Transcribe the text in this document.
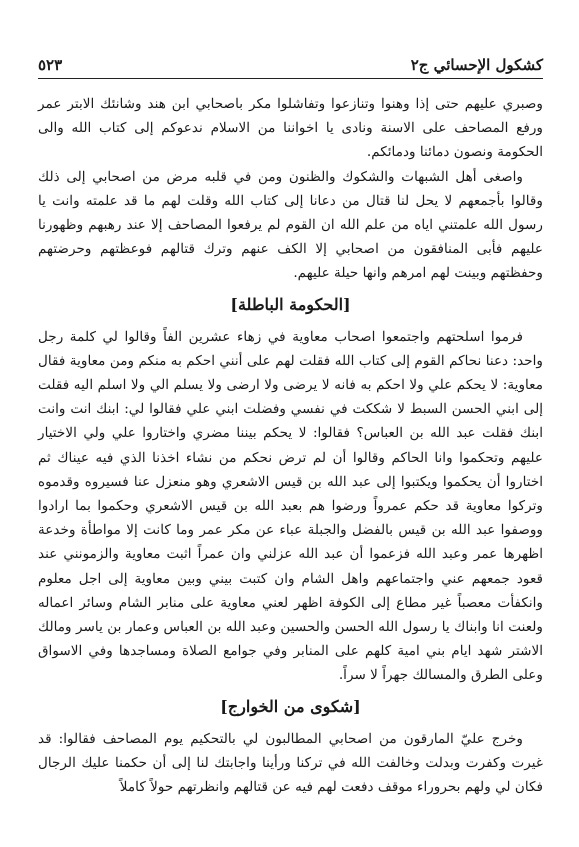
٥٢٣	كشكول الإحسائي ج٢

وصبري عليهم حتى إذا وهنوا وتنازعوا وتفاشلوا مكر باصحابي ابن هند وشانئك الابتر عمر ورفع المصاحف على الاسنة ونادى يا اخواننا من الاسلام ندعوكم إلى كتاب الله والى الحكومة ونصون دمائنا ودمائكم.

واصغى أهل الشبهات والشكوك والظنون ومن في قلبه مرض من اصحابي إلى ذلك وقالوا بأجمعهم لا يحل لنا قتال من دعانا إلى كتاب الله وقلت لهم ما قد علمته وانت يا رسول الله علمتني اياه من علم الله ان القوم لم يرفعوا المصاحف إلا عند رهبهم وظهورنا عليهم فأبى المنافقون من اصحابي إلا الكف عنهم وترك قتالهم فوعظتهم وحرضتهم وحفظتهم وبينت لهم امرهم وانها حيلة عليهم.

[الحكومة الباطلة]

فرموا اسلحتهم واجتمعوا اصحاب معاوية في زهاء عشرين الفاً وقالوا لي كلمة رجل واحد: دعنا نحاكم القوم إلى كتاب الله فقلت لهم على أنني احكم به منكم ومن معاوية فقال معاوية: لا يحكم علي ولا احكم به فانه لا يرضى ولا ارضى ولا يسلم الي ولا اسلم اليه فقلت إلى ابني الحسن السبط لا شككت في نفسي وفضلت ابني علي فقالوا لي: ابنك انت وانت ابنك فقلت عبد الله بن العباس؟ فقالوا: لا يحكم بيننا مضري واختاروا علي ولي الاختيار عليهم وتحكموا وانا الحاكم وقالوا أن لم ترض نحكم من نشاء اخذنا الذي فيه عيناك ثم اختاروا أن يحكموا ويكتبوا إلى عبد الله بن قيس الاشعري وهو منعزل عنا فسيروه وقدموه وتركوا معاوية قد حكم عمرواً ورضوا هم بعبد الله بن قيس الاشعري وحكموا بما ارادوا ووصفوا عبد الله بن قيس بالفضل والجبلة عباء عن مكر عمر وما كانت إلا مواطأة وخدعة اظهرها عمر وعبد الله فزعموا أن عبد الله عزلني وان عمراً اثبت معاوية والزمونني عند قعود جمعهم عني واجتماعهم واهل الشام وان كتبت بيني وبين معاوية إلى اجل معلوم وانكفأت معصباً غير مطاع إلى الكوفة اظهر لعني معاوية على منابر الشام وسائر اعماله ولعنت انا وابناك يا رسول الله الحسن والحسين وعبد الله بن العباس وعمار بن ياسر ومالك الاشتر شهد ايام بني امية كلهم على المنابر وفي جوامع الصلاة ومساجدها وفي الاسواق وعلى الطرق والمسالك جهراً لا سراً.

[شكوى من الخوارج]

وخرج عليّ المارقون من اصحابي المطالبون لي بالتحكيم يوم المصاحف فقالوا: قد غيرت وكفرت وبدلت وخالفت الله في تركنا ورأينا واجابتك لنا إلى أن حكمنا عليك الرجال فكان لي ولهم بحروراء موقف دفعت لهم فيه عن قتالهم وانظرتهم حولاً كاملاً
